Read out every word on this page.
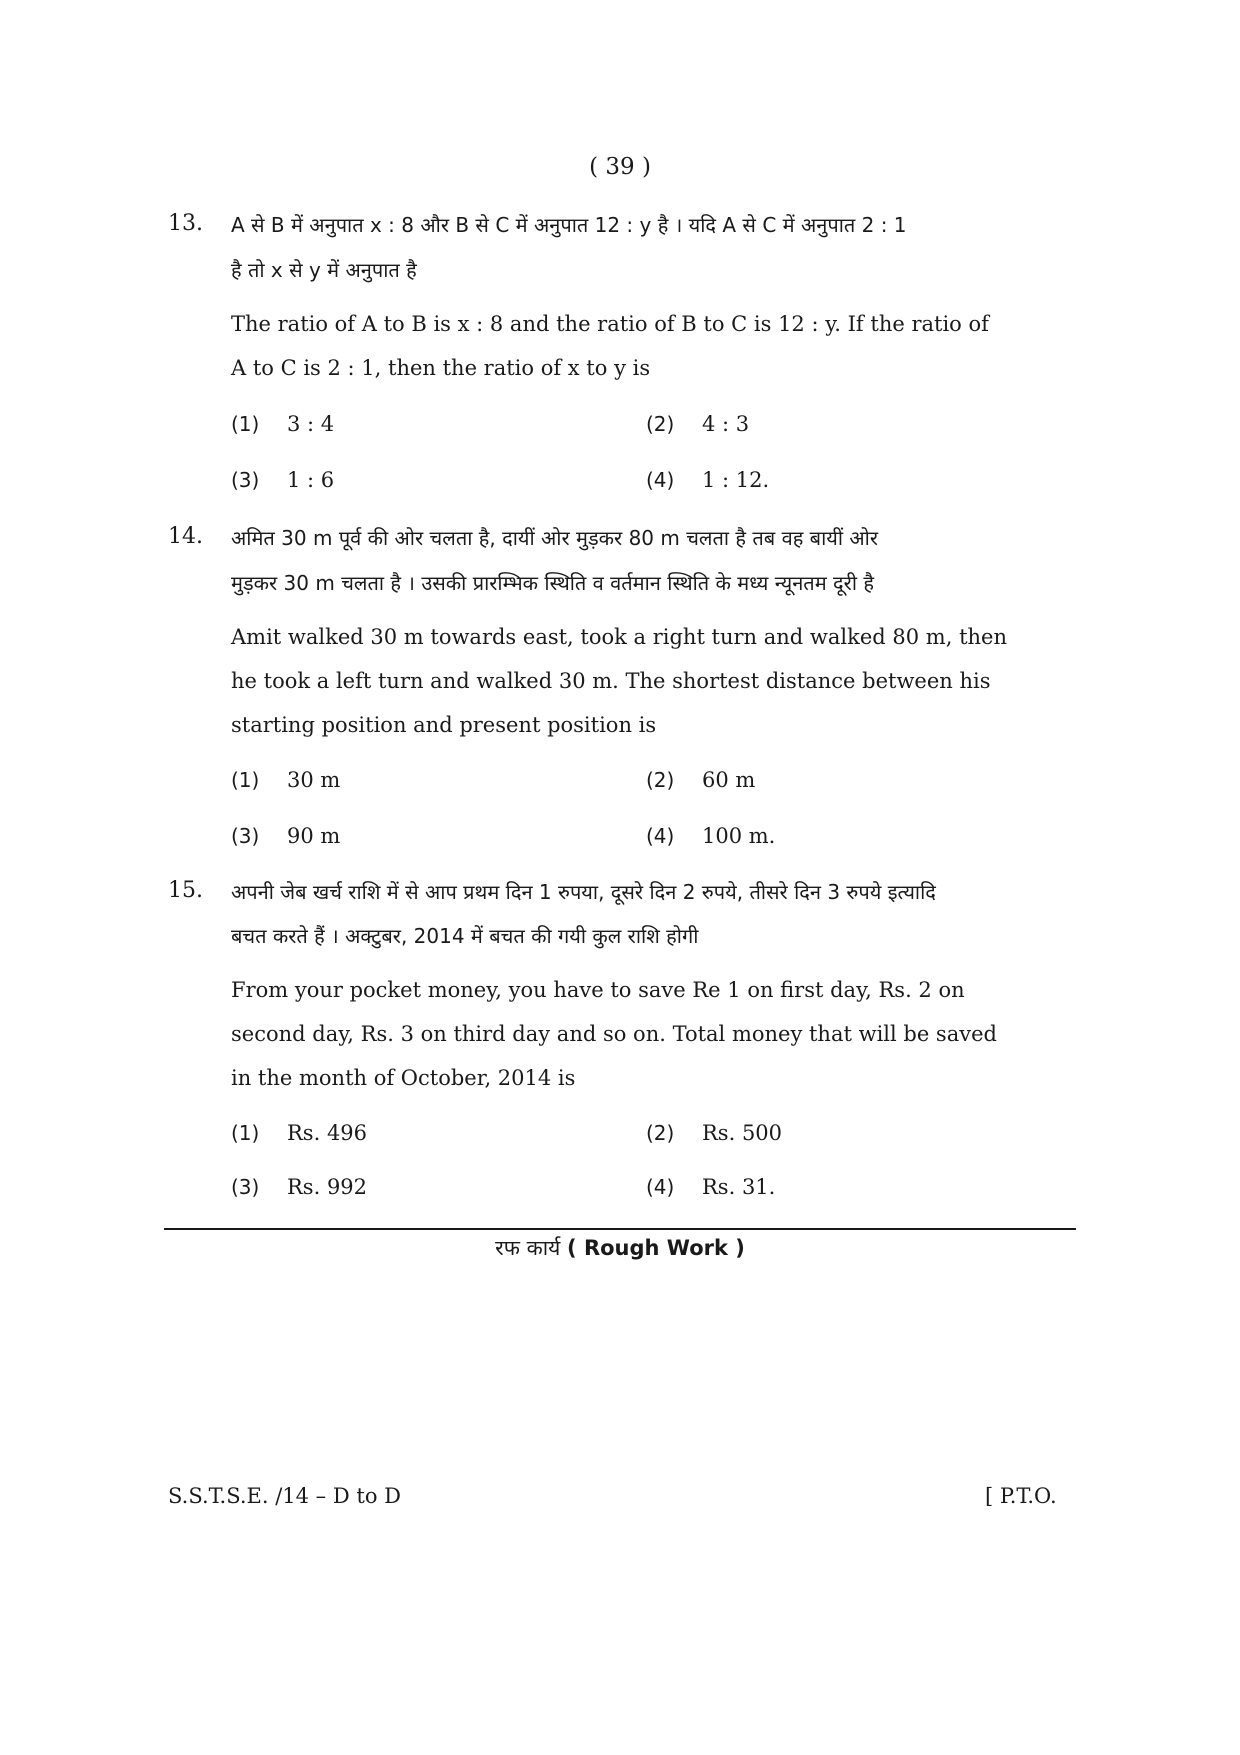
( 39 )
13. A से B में अनुपात x : 8 और B से C में अनुपात 12 : y है । यदि A से C में अनुपात 2 : 1
है तो x से y में अनुपात है
The ratio of A to B is x : 8 and the ratio of B to C is 12 : y. If the ratio of
A to C is 2 : 1, then the ratio of x to y is
(1) 3 : 4	(2) 4 : 3
(3) 1 : 6	(4) 1 : 12.
14. अमित 30 m पूर्व की ओर चलता है, दायीं ओर मुड़कर 80 m चलता है तब वह बायीं ओर
मुड़कर 30 m चलता है । उसकी प्रारम्भिक स्थिति व वर्तमान स्थिति के मध्य न्यूनतम दूरी है
Amit walked 30 m towards east, took a right turn and walked 80 m, then
he took a left turn and walked 30 m. The shortest distance between his
starting position and present position is
(1) 30 m	(2) 60 m
(3) 90 m	(4) 100 m.
15. अपनी जेब खर्च राशि में से आप प्रथम दिन 1 रुपया, दूसरे दिन 2 रुपये, तीसरे दिन 3 रुपये इत्यादि
बचत करते हैं । अक्टुबर, 2014 में बचत की गयी कुल राशि होगी
From your pocket money, you have to save Re 1 on first day, Rs. 2 on
second day, Rs. 3 on third day and so on. Total money that will be saved
in the month of October, 2014 is
(1) Rs. 496	(2) Rs. 500
(3) Rs. 992	(4) Rs. 31.
रफ कार्य ( Rough Work )
S.S.T.S.E. /14 – D to D	[ P.T.O.
